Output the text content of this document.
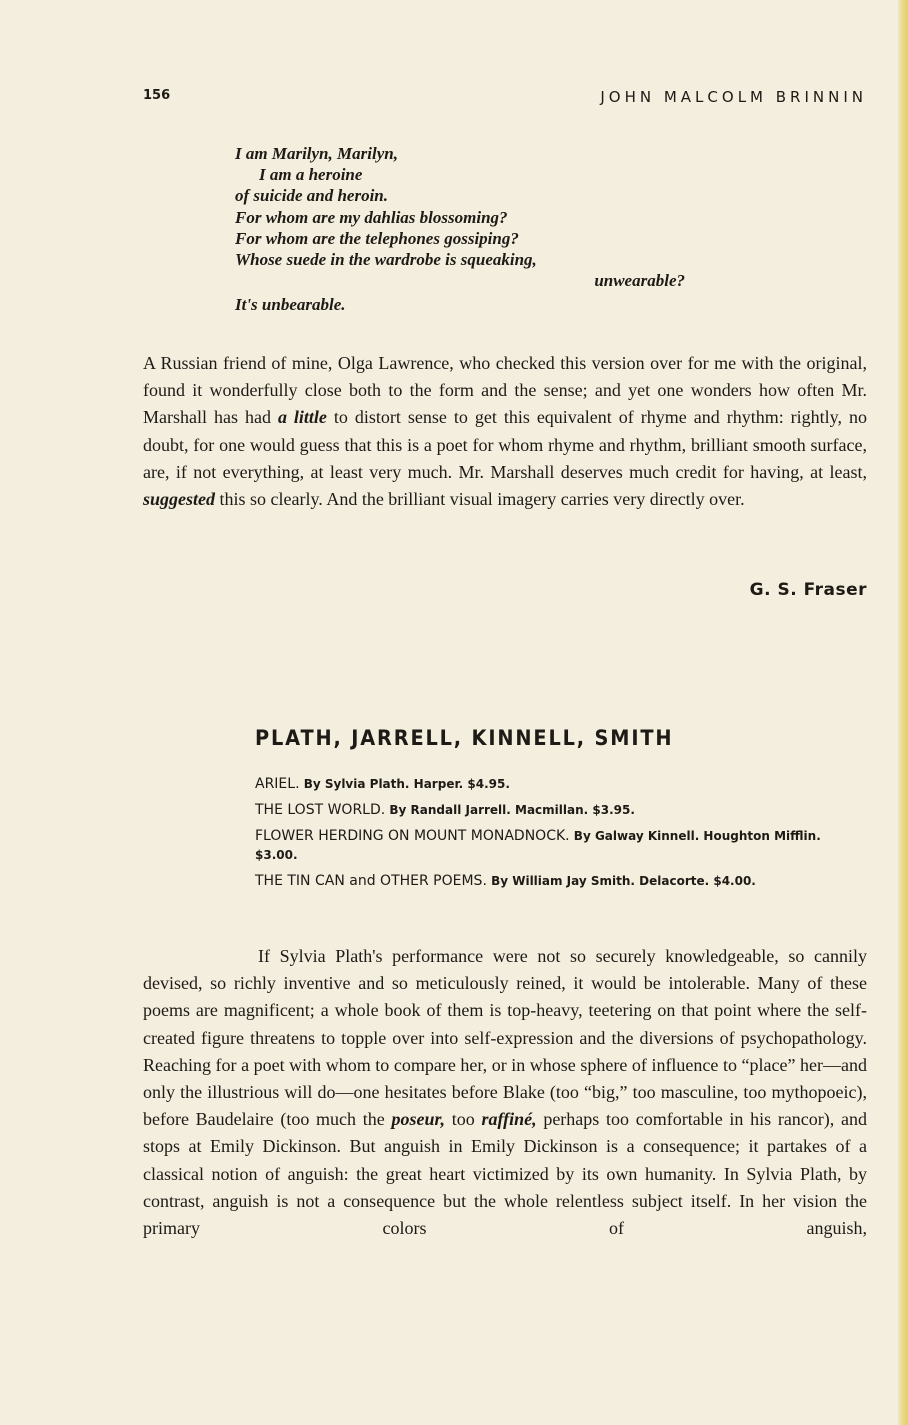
156	JOHN MALCOLM BRINNIN
I am Marilyn, Marilyn,
I am a heroine
of suicide and heroin.
For whom are my dahlias blossoming?
For whom are the telephones gossiping?
Whose suede in the wardrobe is squeaking,
unwearable?
It's unbearable.

A Russian friend of mine, Olga Lawrence, who checked this version over for me with the original, found it wonderfully close both to the form and the sense; and yet one wonders how often Mr. Marshall has had a little to distort sense to get this equivalent of rhyme and rhythm: rightly, no doubt, for one would guess that this is a poet for whom rhyme and rhythm, brilliant smooth surface, are, if not everything, at least very much. Mr. Marshall deserves much credit for having, at least, suggested this so clearly. And the brilliant visual imagery carries very directly over.

G. S. Fraser
PLATH, JARRELL, KINNELL, SMITH
ARIEL. By Sylvia Plath. Harper. $4.95.
THE LOST WORLD. By Randall Jarrell. Macmillan. $3.95.
FLOWER HERDING ON MOUNT MONADNOCK. By Galway Kinnell. Houghton Mifflin. $3.00.
THE TIN CAN and OTHER POEMS. By William Jay Smith. Delacorte. $4.00.

If Sylvia Plath's performance were not so securely knowledgeable, so cannily devised, so richly inventive and so meticulously reined, it would be intolerable. Many of these poems are magnificent; a whole book of them is top-heavy, teetering on that point where the self-created figure threatens to topple over into self-expression and the diversions of psychopathology. Reaching for a poet with whom to compare her, or in whose sphere of influence to “place” her—and only the illustrious will do—one hesitates before Blake (too “big,” too masculine, too mythopoeic), before Baudelaire (too much the poseur, too raffiné, perhaps too comfortable in his rancor), and stops at Emily Dickinson. But anguish in Emily Dickinson is a consequence; it partakes of a classical notion of anguish: the great heart victimized by its own humanity. In Sylvia Plath, by contrast, anguish is not a consequence but the whole relentless subject itself. In her vision the primary colors of anguish,
